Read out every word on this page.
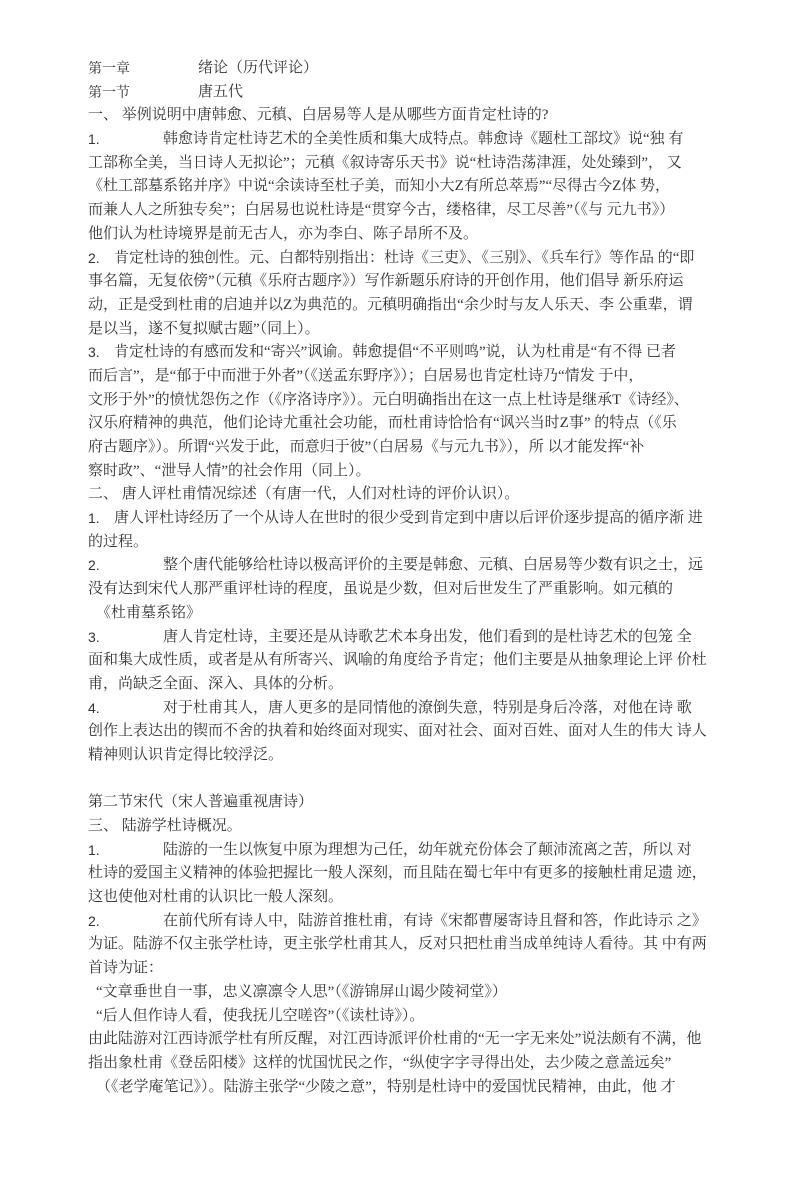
第一章	绪论（历代评论）
第一节	唐五代
一、 举例说明中唐韩愈、元稹、白居易等人是从哪些方面肯定杜诗的?
1.	韩愈诗肯定杜诗艺术的全美性质和集大成特点。韩愈诗《题杜工部坟》说“独 有
工部称全美，当日诗人无拟论”；元稹《叙诗寄乐天书》说“杜诗浩荡津涯，处处臻到”， 又
《杜工部墓系铭并序》中说“余读诗至杜子美，而知小大Z有所总萃焉”“尽得古今Z体 势，
而兼人人之所独专矣”；白居易也说杜诗是“贯穿今古，缕格律，尽工尽善”（《与 元九书》）
他们认为杜诗境界是前无古人，亦为李白、陈子昂所不及。
2. 肯定杜诗的独创性。元、白都特别指出：杜诗《三吏》、《三别》、《兵车行》等作品 的“即
事名篇，无复依傍”（元稹《乐府古题序》）写作新题乐府诗的开创作用，他们倡导 新乐府运
动，正是受到杜甫的启迪并以Z为典范的。元稹明确指出“余少时与友人乐天、李 公重辈，谓
是以当，遂不复拟赋古题”（同上）。
3. 肯定杜诗的有感而发和“寄兴”讽谕。韩愈提倡“不平则鸣”说，认为杜甫是“有不得 已者
而后言”，是“郁于中而泄于外者”（《送孟东野序》）；白居易也肯定杜诗乃“情发 于中，
文形于外”的愤忧怨伤之作（《序洛诗序》）。元白明确指出在这一点上杜诗是继承T《诗经》、
汉乐府精神的典范，他们论诗尤重社会功能，而杜甫诗恰恰有“讽兴当时Z事” 的特点（《乐
府古题序》）。所谓“兴发于此，而意归于彼”（白居易《与元九书》），所 以才能发挥“补
察时政”、“泄导人情”的社会作用（同上）。
二、 唐人评杜甫情况综述（有唐一代，人们对杜诗的评价认识）。
1. 唐人评杜诗经历了一个从诗人在世时的很少受到肯定到中唐以后评价逐步提高的循序渐 进
的过程。
2.	整个唐代能够给杜诗以极高评价的主要是韩愈、元稹、白居易等少数有识之士，远
没有达到宋代人那严重评杜诗的程度，虽说是少数，但对后世发生了严重影响。如元稹的
《杜甫墓系铭》
3.	唐人肯定杜诗，主要还是从诗歌艺术本身出发，他们看到的是杜诗艺术的包笼 全
面和集大成性质，或者是从有所寄兴、讽喻的角度给予肯定；他们主要是从抽象理论上评 价杜
甫，尚缺乏全面、深入、具体的分析。
4.	对于杜甫其人，唐人更多的是同情他的潦倒失意，特别是身后冷落，对他在诗 歌
创作上表达出的锲而不舍的执着和始终面对现实、面对社会、面对百姓、面对人生的伟大 诗人
精神则认识肯定得比较浮泛。
第二节宋代（宋人普遍重视唐诗）
三、 陆游学杜诗概况。
1.	陆游的一生以恢复中原为理想为己任，幼年就充份体会了颠沛流离之苦，所以 对
杜诗的爱国主义精神的体验把握比一般人深刻，而且陆在蜀七年中有更多的接触杜甫足遗 迹，
这也使他对杜甫的认识比一般人深刻。
2.	在前代所有诗人中，陆游首推杜甫，有诗《宋都曹屡寄诗且督和答，作此诗示 之》
为证。陆游不仅主张学杜诗，更主张学杜甫其人，反对只把杜甫当成单纯诗人看待。其 中有两
首诗为证：
“文章垂世自一事，忠义凛凛令人思”（《游锦屏山谒少陵祠堂》）
“后人但作诗人看，使我抚儿空嗟咨”（《读杜诗》）。
由此陆游对江西诗派学杜有所反醒，对江西诗派评价杜甫的“无一字无来处”说法颇有不满，他
指出象杜甫《登岳阳楼》这样的忧国忧民之作，“纵使字字寻得出处，去少陵之意盖远矣”
（《老学庵笔记》）。陆游主张学“少陵之意”，特别是杜诗中的爱国忧民精神，由此，他 才
